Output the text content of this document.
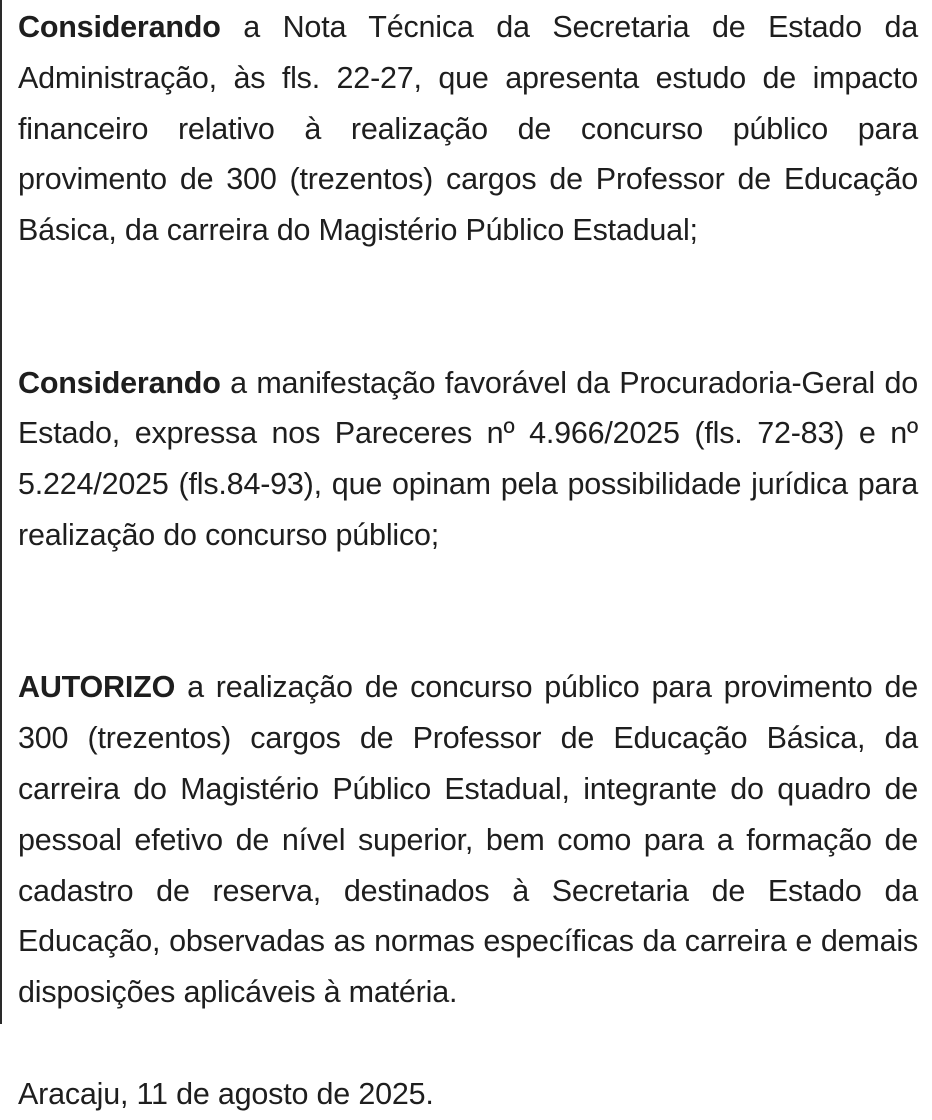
Considerando a Nota Técnica da Secretaria de Estado da Administração, às fls. 22-27, que apresenta estudo de impacto financeiro relativo à realização de concurso público para provimento de 300 (trezentos) cargos de Professor de Educação Básica, da carreira do Magistério Público Estadual;

Considerando a manifestação favorável da Procuradoria-Geral do Estado, expressa nos Pareceres nº 4.966/2025 (fls. 72-83) e nº 5.224/2025 (fls.84-93), que opinam pela possibilidade jurídica para realização do concurso público;

AUTORIZO a realização de concurso público para provimento de 300 (trezentos) cargos de Professor de Educação Básica, da carreira do Magistério Público Estadual, integrante do quadro de pessoal efetivo de nível superior, bem como para a formação de cadastro de reserva, destinados à Secretaria de Estado da Educação, observadas as normas específicas da carreira e demais disposições aplicáveis à matéria.

Aracaju, 11 de agosto de 2025.
